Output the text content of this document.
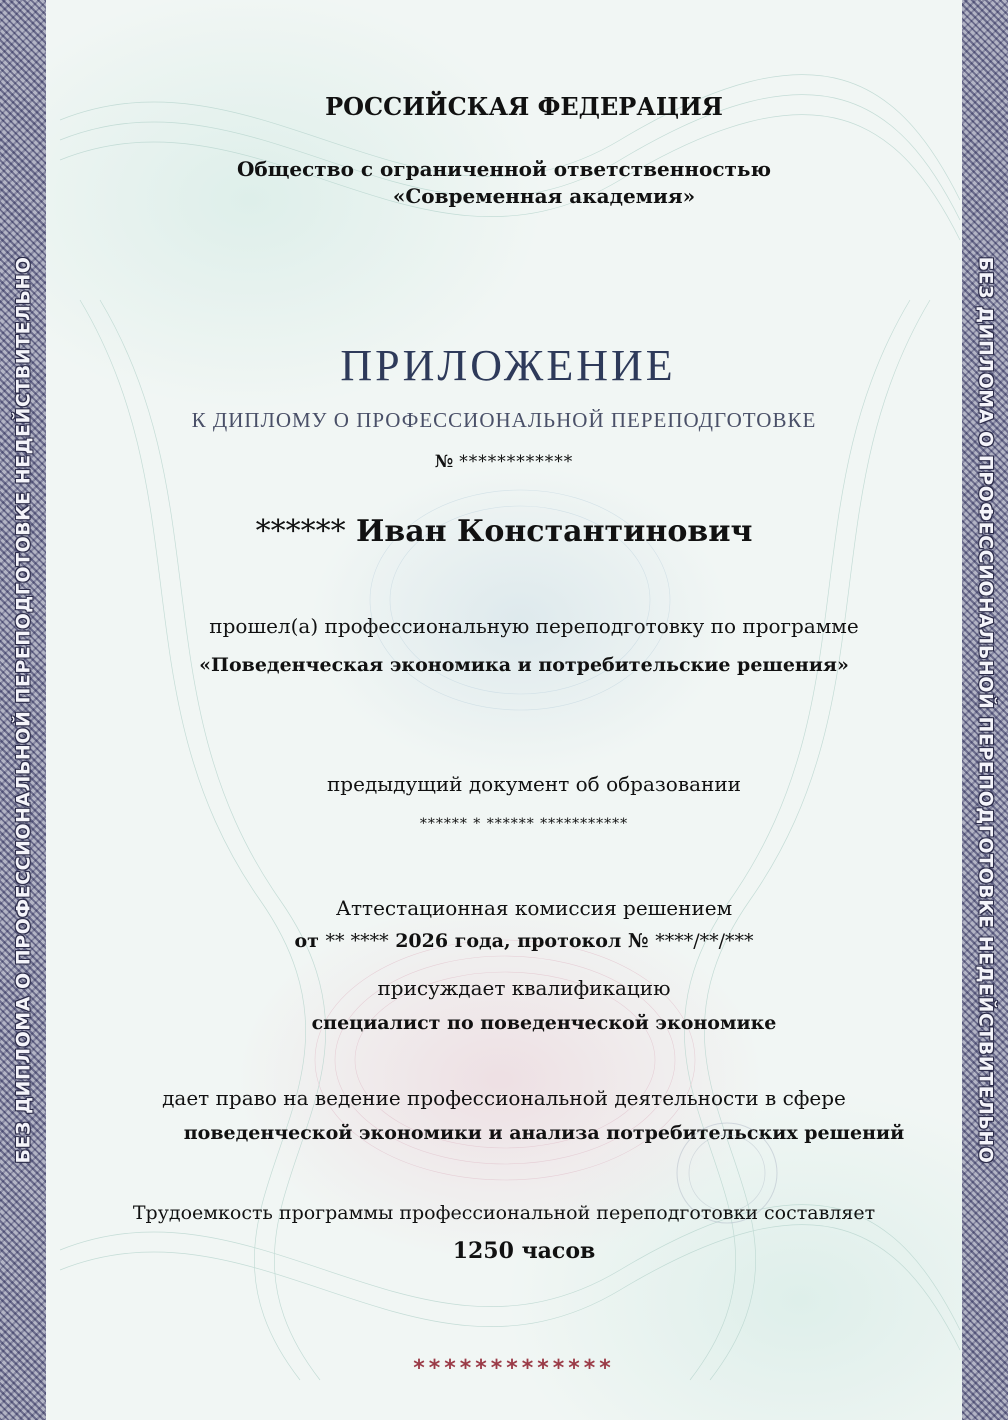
БЕЗ ДИПЛОМА О ПРОФЕССИОНАЛЬНОЙ ПЕРЕПОДГОТОВКЕ НЕДЕЙСТВИТЕЛЬНО	БЕЗ ДИПЛОМА О ПРОФЕССИОНАЛЬНОЙ ПЕРЕПОДГОТОВКЕ НЕДЕЙСТВИТЕЛЬНО
РОССИЙСКАЯ ФЕДЕРАЦИЯ
Общество с ограниченной ответственностью
«Современная академия»
ПРИЛОЖЕНИЕ
К ДИПЛОМУ О ПРОФЕССИОНАЛЬНОЙ ПЕРЕПОДГОТОВКЕ
№ ************
****** Иван Константинович
прошел(а) профессиональную переподготовку по программе
«Поведенческая экономика и потребительские решения»
предыдущий документ об образовании
****** * ****** ***********
Аттестационная комиссия решением
от ** **** 2026 года, протокол № ****/**/***
присуждает квалификацию
специалист по поведенческой экономике
дает право на ведение профессиональной деятельности в сфере
поведенческой экономики и анализа потребительских решений
Трудоемкость программы профессиональной переподготовки составляет
1250 часов
*************
